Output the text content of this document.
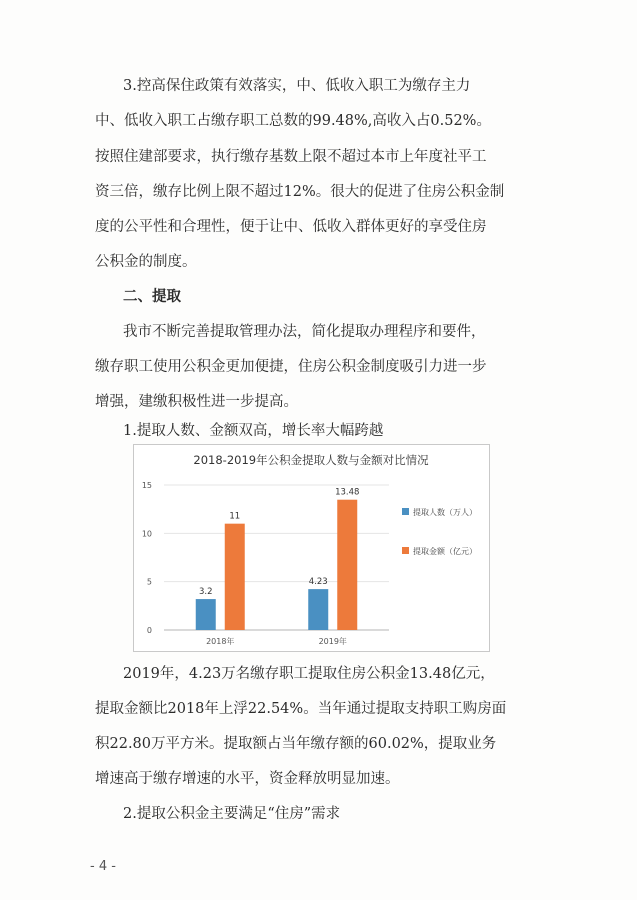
3.控高保住政策有效落实，中、低收入职工为缴存主力

中、低收入职工占缴存职工总数的99.48%,高收入占0.52%。

按照住建部要求，执行缴存基数上限不超过本市上年度社平工

资三倍，缴存比例上限不超过12%。很大的促进了住房公积金制

度的公平性和合理性，便于让中、低收入群体更好的享受住房

公积金的制度。

二、提取

我市不断完善提取管理办法，简化提取办理程序和要件，

缴存职工使用公积金更加便捷，住房公积金制度吸引力进一步

增强，建缴积极性进一步提高。

1.提取人数、金额双高，增长率大幅跨越

2018-2019年公积金提取人数与金额对比情况
0
5
10
15
2018年
3.2
11
2019年
4.23
13.48
提取人数（万人）
提取金额（亿元）

2019年，4.23万名缴存职工提取住房公积金13.48亿元，

提取金额比2018年上浮22.54%。当年通过提取支持职工购房面

积22.80万平方米。提取额占当年缴存额的60.02%，提取业务

增速高于缴存增速的水平，资金释放明显加速。

2.提取公积金主要满足“住房”需求

- 4 -
